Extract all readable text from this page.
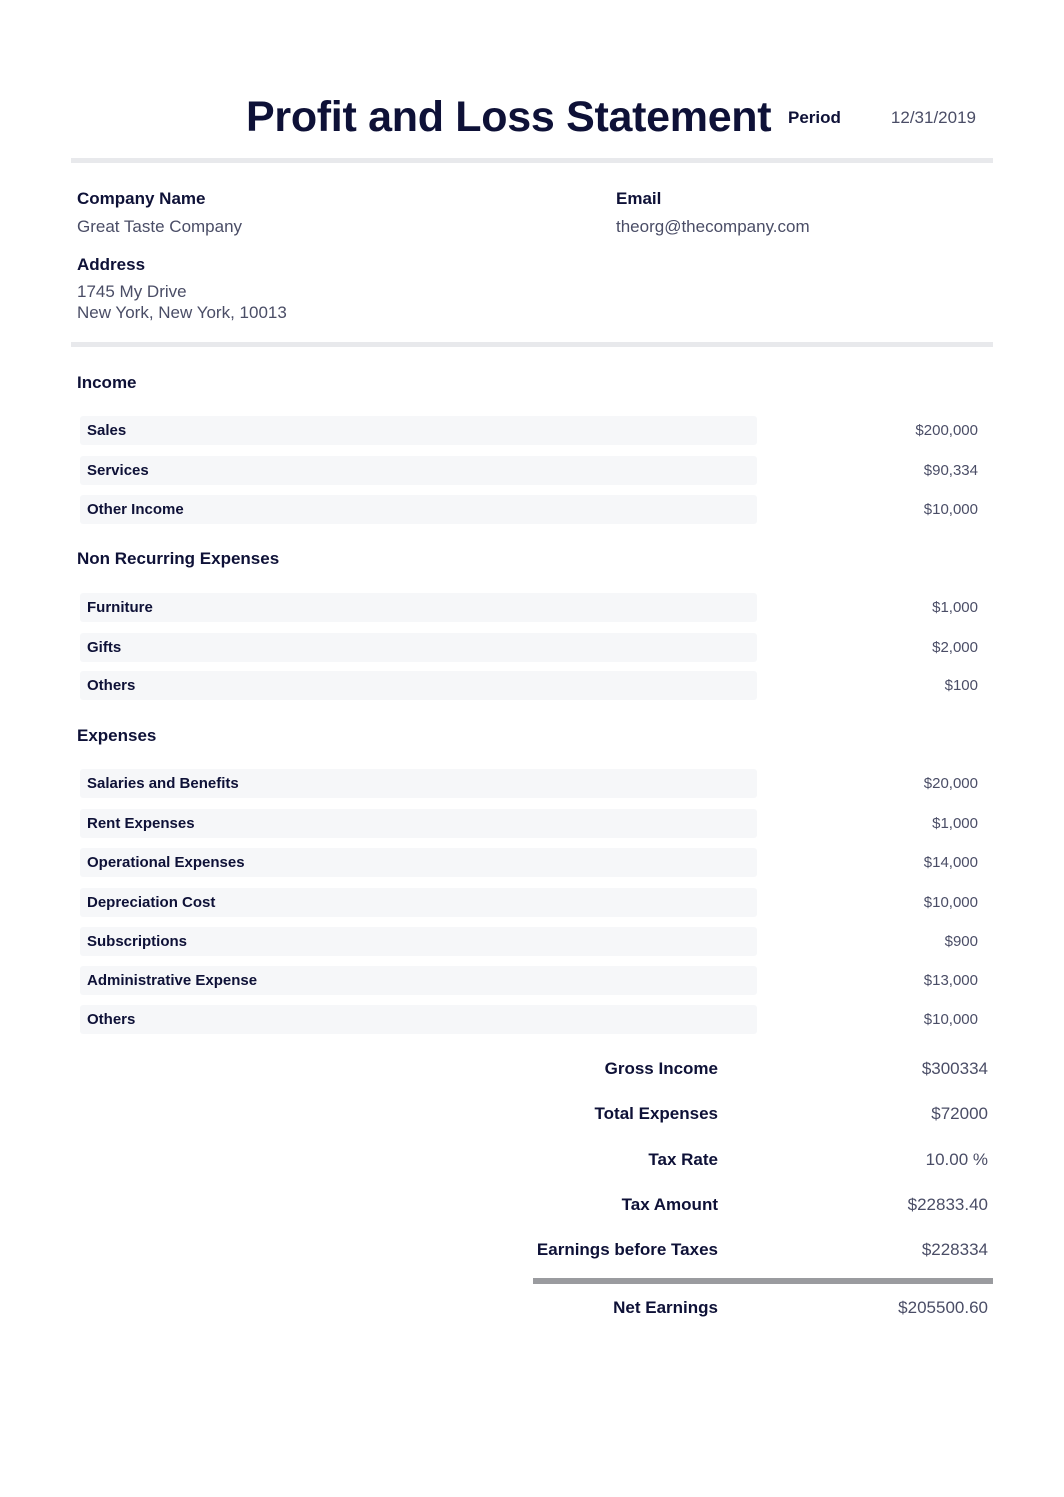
Profit and Loss Statement Period	12/31/2019
Company Name
Great Taste Company
Email
theorg@thecompany.com
Address
1745 My Drive
New York, New York, 10013
Income
Sales	$200,000
Services	$90,334
Other Income	$10,000
Non Recurring Expenses
Furniture	$1,000
Gifts	$2,000
Others	$100
Expenses
Salaries and Benefits	$20,000
Rent Expenses	$1,000
Operational Expenses	$14,000
Depreciation Cost	$10,000
Subscriptions	$900
Administrative Expense	$13,000
Others	$10,000
Gross Income	$300334
Total Expenses	$72000
Tax Rate	10.00 %
Tax Amount	$22833.40
Earnings before Taxes	$228334
Net Earnings	$205500.60
